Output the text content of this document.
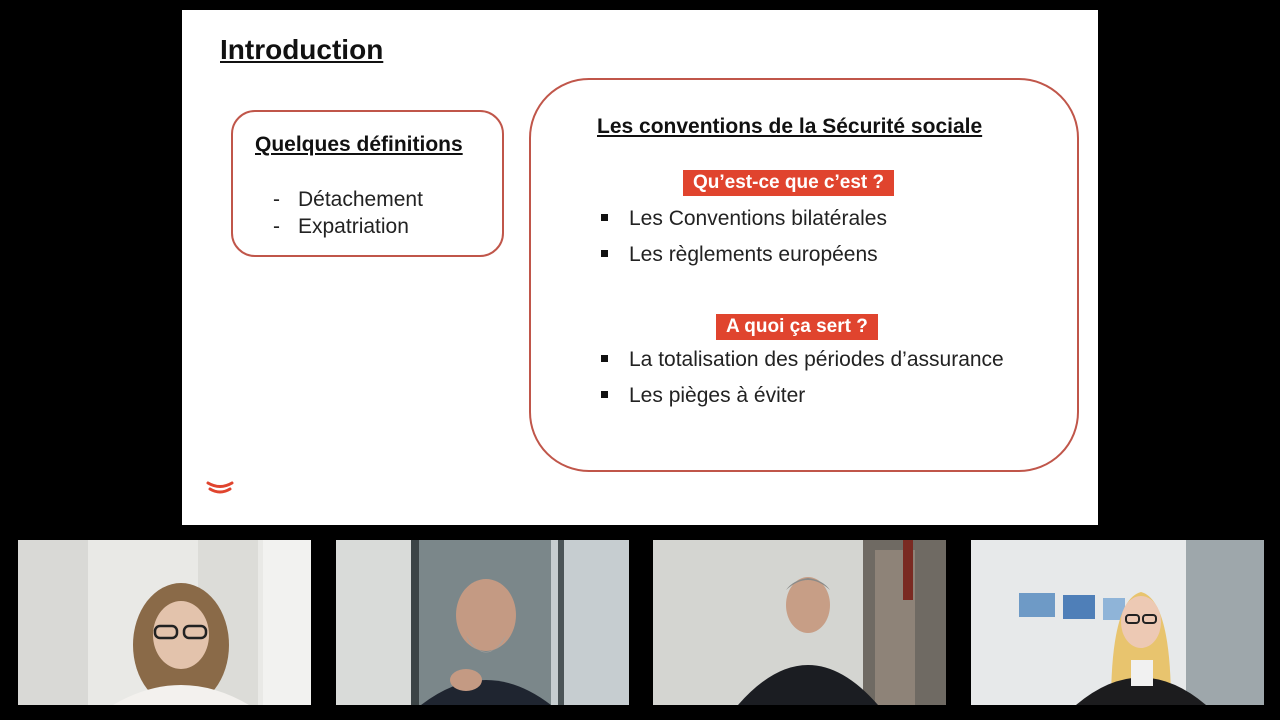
Introduction
Quelques définitions
- Détachement
- Expatriation
Les conventions de la Sécurité sociale
Qu’est-ce que c’est ?
Les Conventions bilatérales
Les règlements européens
A quoi ça sert ?
La totalisation des périodes d’assurance
Les pièges à éviter
